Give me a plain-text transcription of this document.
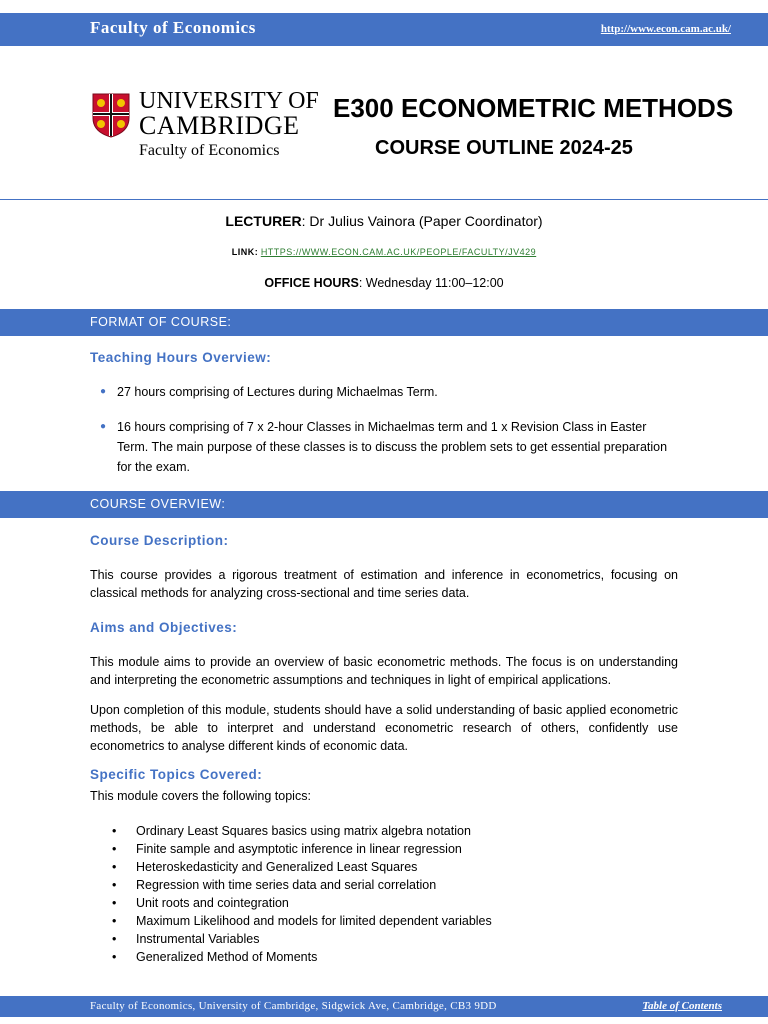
Faculty of Economics	http://www.econ.cam.ac.uk/
UNIVERSITY OF
CAMBRIDGE
Faculty of Economics
E300 ECONOMETRIC METHODS
COURSE OUTLINE 2024-25
LECTURER: Dr Julius Vainora (Paper Coordinator)
LINK: HTTPS://WWW.ECON.CAM.AC.UK/PEOPLE/FACULTY/JV429
OFFICE HOURS: Wednesday 11:00–12:00
FORMAT OF COURSE:
Teaching Hours Overview:
● 27 hours comprising of Lectures during Michaelmas Term.
● 16 hours comprising of 7 x 2-hour Classes in Michaelmas term and 1 x Revision Class in Easter Term. The main purpose of these classes is to discuss the problem sets to get essential preparation for the exam.
COURSE OVERVIEW:
Course Description:
This course provides a rigorous treatment of estimation and inference in econometrics, focusing on classical methods for analyzing cross-sectional and time series data.
Aims and Objectives:
This module aims to provide an overview of basic econometric methods. The focus is on understanding and interpreting the econometric assumptions and techniques in light of empirical applications.
Upon completion of this module, students should have a solid understanding of basic applied econometric methods, be able to interpret and understand econometric research of others, confidently use econometrics to analyse different kinds of economic data.
Specific Topics Covered:
This module covers the following topics:
• Ordinary Least Squares basics using matrix algebra notation
• Finite sample and asymptotic inference in linear regression
• Heteroskedasticity and Generalized Least Squares
• Regression with time series data and serial correlation
• Unit roots and cointegration
• Maximum Likelihood and models for limited dependent variables
• Instrumental Variables
• Generalized Method of Moments
Faculty of Economics, University of Cambridge, Sidgwick Ave, Cambridge, CB3 9DD	Table of Contents
